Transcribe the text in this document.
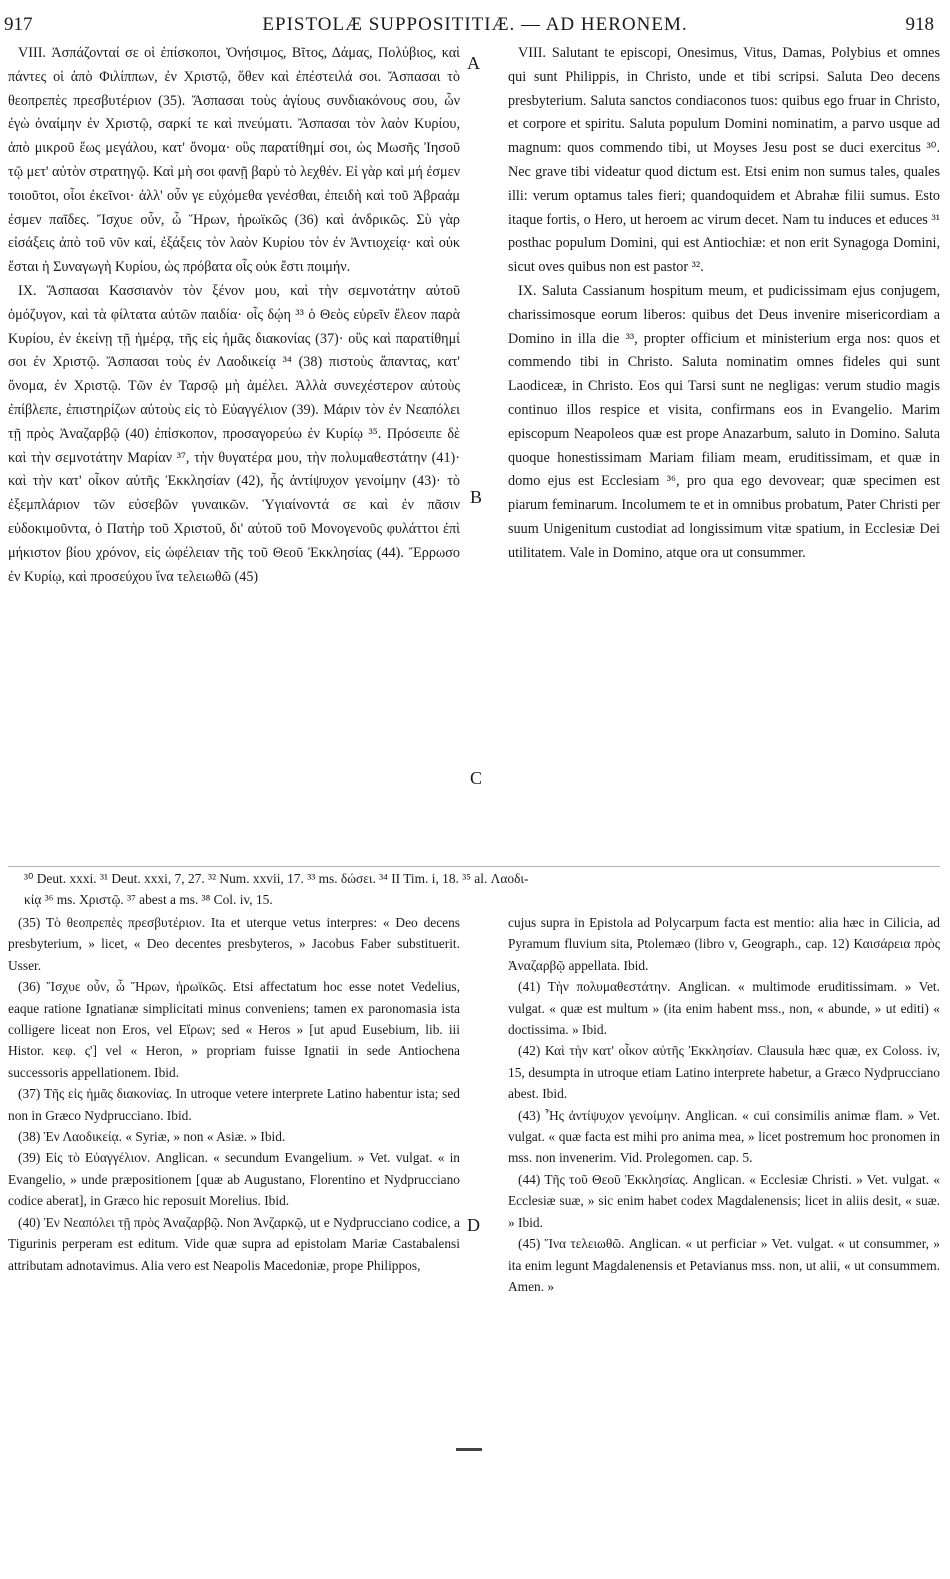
917	EPISTOLÆ SUPPOSITITIÆ. — AD HERONEM.	918

VIII. Ἀσπάζονταί σε οἱ ἐπίσκοποι, Ὀνήσιμος, Βῖτος, Δάμας, Πολύβιος, καὶ πάντες οἱ ἀπὸ Φιλίππων, ἐν Χριστῷ, ὅθεν καὶ ἐπέστειλά σοι. Ἄσπασαι τὸ θεοπρεπὲς πρεσβυτέριον (35). Ἄσπασαι τοὺς ἁγίους συνδιακόνους σου, ὧν ἐγὼ ὀναίμην ἐν Χριστῷ, σαρκί τε καὶ πνεύματι. Ἄσπασαι τὸν λαὸν Κυρίου, ἀπὸ μικροῦ ἕως μεγάλου, κατ' ὄνομα· οὓς παρατίθημί σοι, ὡς Μωσῆς Ἰησοῦ τῷ μετ' αὐτὸν στρατηγῷ. Καὶ μὴ σοι φανῇ βαρὺ τὸ λεχθέν. Εἰ γὰρ καὶ μή ἐσμεν τοιοῦτοι, οἷοι ἐκεῖνοι· ἀλλ' οὖν γε εὐχόμεθα γενέσθαι, ἐπειδὴ καὶ τοῦ Ἀβραάμ ἐσμεν παῖδες. Ἴσχυε οὖν, ὦ Ἥρων, ἡρωϊκῶς (36) καὶ ἀνδρικῶς. Σὺ γὰρ εἰσάξεις ἀπὸ τοῦ νῦν καί, ἐξάξεις τὸν λαὸν Κυρίου τὸν ἐν Ἀντιοχείᾳ· καὶ οὐκ ἔσται ἡ Συναγωγὴ Κυρίου, ὡς πρόβατα οἷς οὐκ ἔστι ποιμήν.

IX. Ἄσπασαι Κασσιανὸν τὸν ξένον μου, καὶ τὴν σεμνοτάτην αὐτοῦ ὁμόζυγον, καὶ τὰ φίλτατα αὐτῶν παιδία· οἷς δῴη ³³ ὁ Θεὸς εὑρεῖν ἔλεον παρὰ Κυρίου, ἐν ἐκείνῃ τῇ ἡμέρᾳ, τῆς εἰς ἡμᾶς διακονίας (37)· οὓς καὶ παρατίθημί σοι ἐν Χριστῷ. Ἄσπασαι τοὺς ἐν Λαοδικείᾳ ³⁴ (38) πιστοὺς ἅπαντας, κατ' ὄνομα, ἐν Χριστῷ. Τῶν ἐν Ταρσῷ μὴ ἀμέλει. Ἀλλὰ συνεχέστερον αὐτοὺς ἐπίβλεπε, ἐπιστηρίζων αὐτοὺς εἰς τὸ Εὐαγγέλιον (39). Μάριν τὸν ἐν Νεαπόλει τῇ πρὸς Ἀναζαρβῷ (40) ἐπίσκοπον, προσαγορεύω ἐν Κυρίῳ ³⁵. Πρόσειπε δὲ καὶ τὴν σεμνοτάτην Μαρίαν ³⁷, τὴν θυγατέρα μου, τὴν πολυμαθεστάτην (41)· καὶ τὴν κατ' οἶκον αὐτῆς Ἐκκλησίαν (42), ἧς ἀντίψυχον γενοίμην (43)· τὸ ἐξεμπλάριον τῶν εὐσεβῶν γυναικῶν. Ὑγιαίνοντά σε καὶ ἐν πᾶσιν εὐδοκιμοῦντα, ὁ Πατὴρ τοῦ Χριστοῦ, δι' αὐτοῦ τοῦ Μονογενοῦς φυλάττοι ἐπὶ μήκιστον βίου χρόνον, εἰς ὠφέλειαν τῆς τοῦ Θεοῦ Ἐκκλησίας (44). Ἔρρωσο ἐν Κυρίῳ, καὶ προσεύχου ἵνα τελειωθῶ (45)

A
B
C

VIII. Salutant te episcopi, Onesimus, Vitus, Damas, Polybius et omnes qui sunt Philippis, in Christo, unde et tibi scripsi. Saluta Deo decens presbyterium. Saluta sanctos condiaconos tuos: quibus ego fruar in Christo, et corpore et spiritu. Saluta populum Domini nominatim, a parvo usque ad magnum: quos commendo tibi, ut Moyses Jesu post se duci exercitus ³⁰. Nec grave tibi videatur quod dictum est. Etsi enim non sumus tales, quales illi: verum optamus tales fieri; quandoquidem et Abrahæ filii sumus. Esto itaque fortis, o Hero, ut heroem ac virum decet. Nam tu induces et educes ³¹ posthac populum Domini, qui est Antiochiæ: et non erit Synagoga Domini, sicut oves quibus non est pastor ³².

IX. Saluta Cassianum hospitum meum, et pudicissimam ejus conjugem, charissimosque eorum liberos: quibus det Deus invenire misericordiam a Domino in illa die ³³, propter officium et ministerium erga nos: quos et commendo tibi in Christo. Saluta nominatim omnes fideles qui sunt Laodiceæ, in Christo. Eos qui Tarsi sunt ne negligas: verum studio magis continuo illos respice et visita, confirmans eos in Evangelio. Marim episcopum Neapoleos quæ est prope Anazarbum, saluto in Domino. Saluta quoque honestissimam Mariam filiam meam, eruditissimam, et quæ in domo ejus est Ecclesiam ³⁶, pro qua ego devovear; quæ specimen est piarum feminarum. Incolumem te et in omnibus probatum, Pater Christi per suum Unigenitum custodiat ad longissimum vitæ spatium, in Ecclesiæ Dei utilitatem. Vale in Domino, atque ora ut consummer.

³⁰ Deut. xxxi. ³¹ Deut. xxxi, 7, 27. ³² Num. xxvii, 17. ³³ ms. δώσει. ³⁴ II Tim. i, 18. ³⁵ al. Λαοδι-
κίᾳ ³⁶ ms. Χριστῷ. ³⁷ abest a ms. ³⁸ Col. iv, 15.

(35) Τὸ θεοπρεπὲς πρεσβυτέριον. Ita et uterque vetus interpres: « Deo decens presbyterium, » licet, « Deo decentes presbyteros, » Jacobus Faber substituerit. Usser.

(36) Ἴσχυε οὖν, ὦ Ἥρων, ἡρωϊκῶς. Etsi affectatum hoc esse notet Vedelius, eaque ratione Ignatianæ simplicitati minus conveniens; tamen ex paronomasia ista colligere liceat non Eros, vel Εἴρων; sed « Heros » [ut apud Eusebium, lib. iii Histor. κεφ. ς'] vel « Heron, » propriam fuisse Ignatii in sede Antiochena successoris appellationem. Ibid.

(37) Τῆς εἰς ἡμᾶς διακονίας. In utroque vetere interprete Latino habentur ista; sed non in Græco Nydprucciano. Ibid.

(38) Ἐν Λαοδικείᾳ. « Syriæ, » non « Asiæ. » Ibid.

(39) Εἰς τὸ Εὐαγγέλιον. Anglican. « secundum Evangelium. » Vet. vulgat. « in Evangelio, » unde præpositionem [quæ ab Augustano, Florentino et Nydprucciano codice aberat], in Græco hic reposuit Morelius. Ibid.

(40) Ἐν Νεαπόλει τῇ πρὸς Ἀναζαρβῷ. Non Ἀνζαρκῷ, ut e Nydprucciano codice, a Tigurinis perperam est editum. Vide quæ supra ad epistolam Mariæ Castabalensi attributam adnotavimus. Alia vero est Neapolis Macedoniæ, prope Philippos,

D

cujus supra in Epistola ad Polycarpum facta est mentio: alia hæc in Cilicia, ad Pyramum fluvium sita, Ptolemæo (libro v, Geograph., cap. 12) Καισάρεια πρὸς Ἀναζαρβῷ appellata. Ibid.

(41) Τὴν πολυμαθεστάτην. Anglican. « multimode eruditissimam. » Vet. vulgat. « quæ est multum » (ita enim habent mss., non, « abunde, » ut editi) « doctissima. » Ibid.

(42) Καὶ τὴν κατ' οἶκον αὐτῆς Ἐκκλησίαν. Clausula hæc quæ, ex Coloss. iv, 15, desumpta in utroque etiam Latino interprete habetur, a Græco Nydprucciano abest. Ibid.

(43) Ἧς ἀντίψυχον γενοίμην. Anglican. « cui consimilis animæ flam. » Vet. vulgat. « quæ facta est mihi pro anima mea, » licet postremum hoc pronomen in mss. non invenerim. Vid. Prolegomen. cap. 5.

(44) Τῆς τοῦ Θεοῦ Ἐκκλησίας. Anglican. « Ecclesiæ Christi. » Vet. vulgat. « Ecclesiæ suæ, » sic enim habet codex Magdalenensis; licet in aliis desit, « suæ. » Ibid.

(45) Ἵνα τελειωθῶ. Anglican. « ut perficiar » Vet. vulgat. « ut consummer, » ita enim legunt Magdalenensis et Petavianus mss. non, ut alii, « ut consummem. Amen. »
